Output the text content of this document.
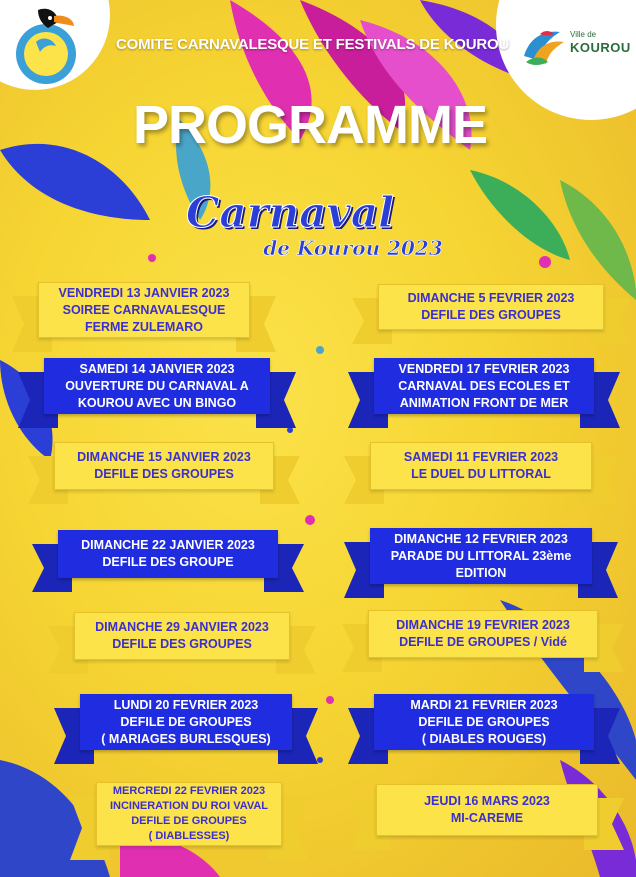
Ville de
KOUROU
COMITE CARNAVALESQUE ET FESTIVALS DE KOUROU
PROGRAMME
Carnaval
de Kourou 2023
VENDREDI 13 JANVIER 2023
SOIREE CARNAVALESQUE
FERME ZULEMARO
SAMEDI 14 JANVIER 2023
OUVERTURE DU CARNAVAL A
KOUROU AVEC UN BINGO
DIMANCHE 15 JANVIER 2023
DEFILE DES GROUPES
DIMANCHE 22 JANVIER 2023
DEFILE DES GROUPE
DIMANCHE 29 JANVIER 2023
DEFILE DES GROUPES
LUNDI 20 FEVRIER 2023
DEFILE DE GROUPES
( MARIAGES BURLESQUES)
MERCREDI 22 FEVRIER 2023
INCINERATION DU ROI VAVAL
DEFILE DE GROUPES
( DIABLESSES)
DIMANCHE 5 FEVRIER 2023
DEFILE DES GROUPES
VENDREDI 17 FEVRIER 2023
CARNAVAL DES ECOLES ET
ANIMATION FRONT DE MER
SAMEDI 11 FEVRIER 2023
LE DUEL DU LITTORAL
DIMANCHE 12 FEVRIER 2023
PARADE DU LITTORAL 23ème
EDITION
DIMANCHE 19 FEVRIER 2023
DEFILE DE GROUPES / Vidé
MARDI 21 FEVRIER 2023
DEFILE DE GROUPES
( DIABLES ROUGES)
JEUDI 16 MARS 2023
MI-CAREME
